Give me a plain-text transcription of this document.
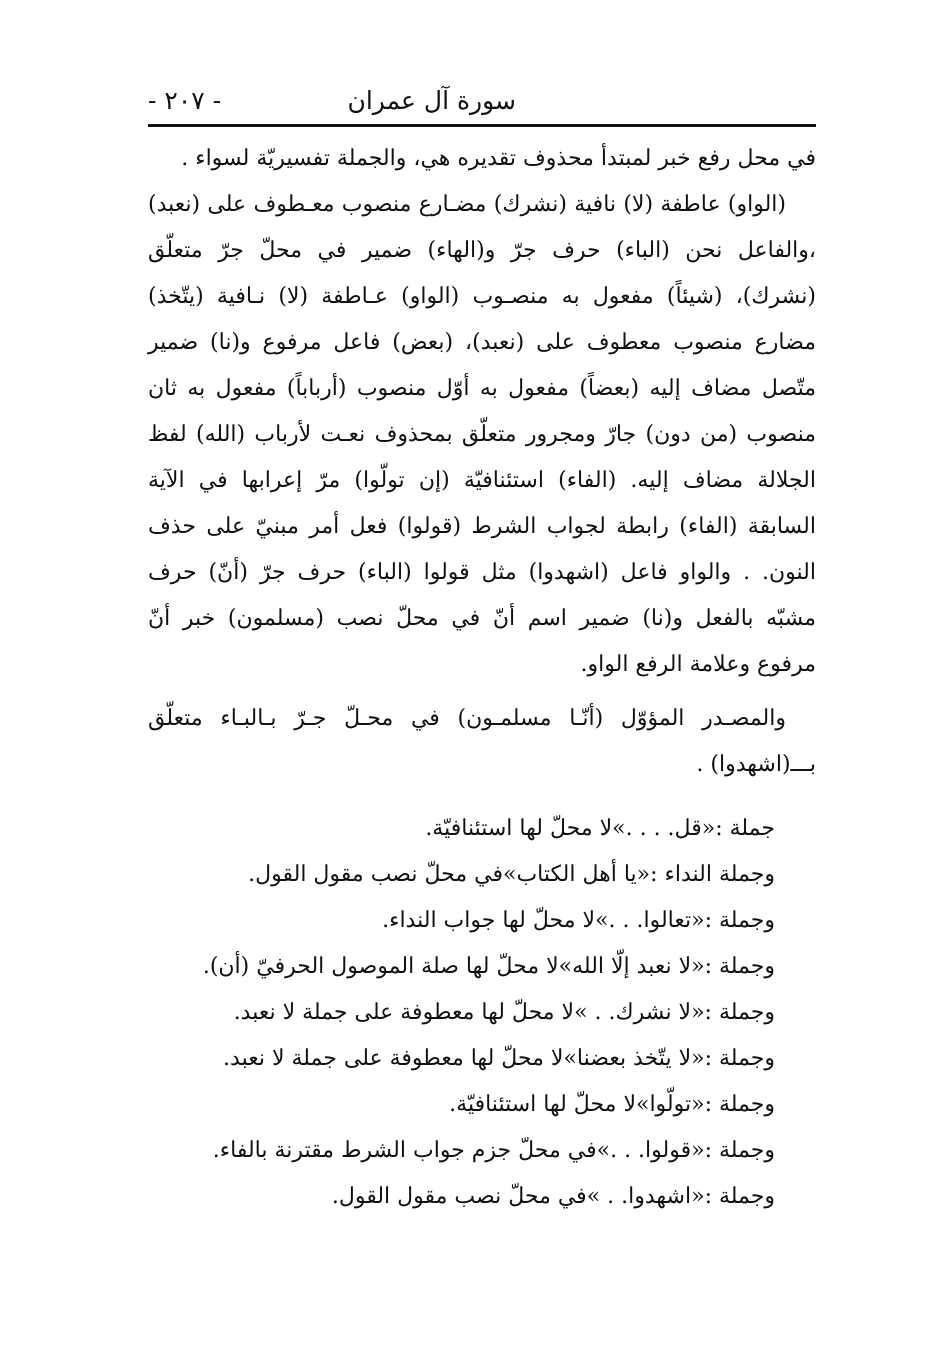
سورة آل عمران
- ٢٠٧ -

في محل رفع خبر لمبتدأ محذوف تقديره هي، والجملة تفسيريّة لسواء .

(الواو) عاطفة (لا) نافية (نشرك) مضـارع منصوب معـطوف على (نعبد) ،والفاعل نحن (الباء) حرف جرّ و(الهاء) ضمير في محلّ جرّ متعلّق (نشرك)، (شيئاً) مفعول به منصـوب (الواو) عـاطفة (لا) نـافية (يتّخذ) مضارع منصوب معطوف على (نعبد)، (بعض) فاعل مرفوع و(نا) ضمير متّصل مضاف إليه (بعضاً) مفعول به أوّل منصوب (أرباباً) مفعول به ثان منصوب (من دون) جارّ ومجرور متعلّق بمحذوف نعـت لأرباب (الله) لفظ الجلالة مضاف إليه. (الفاء) استئنافيّة (إن تولّوا) مرّ إعرابها في الآية السابقة (الفاء) رابطة لجواب الشرط (قولوا) فعل أمر مبنيّ على حذف النون. . والواو فاعل (اشهدوا) مثل قولوا (الباء) حرف جرّ (أنّ) حرف مشبّه بالفعل و(نا) ضمير اسم أنّ في محلّ نصب (مسلمون) خبر أنّ مرفوع وعلامة الرفع الواو.

والمصـدر المؤوّل (أنّـا مسلمـون) في محـلّ جـرّ بـالبـاء متعلّق بـــ(اشهدوا) .

جملة :«قل. . . .»لا محلّ لها استئنافيّة.
وجملة النداء :«يا أهل الكتاب»في محلّ نصب مقول القول.
وجملة :«تعالوا. . .»لا محلّ لها جواب النداء.
وجملة :«لا نعبد إلّا الله»لا محلّ لها صلة الموصول الحرفيّ (أن).
وجملة :«لا نشرك. . »لا محلّ لها معطوفة على جملة لا نعبد.
وجملة :«لا يتّخذ بعضنا»لا محلّ لها معطوفة على جملة لا نعبد.
وجملة :«تولّوا»لا محلّ لها استئنافيّة.
وجملة :«قولوا. . .»في محلّ جزم جواب الشرط مقترنة بالفاء.
وجملة :«اشهدوا. . »في محلّ نصب مقول القول.
